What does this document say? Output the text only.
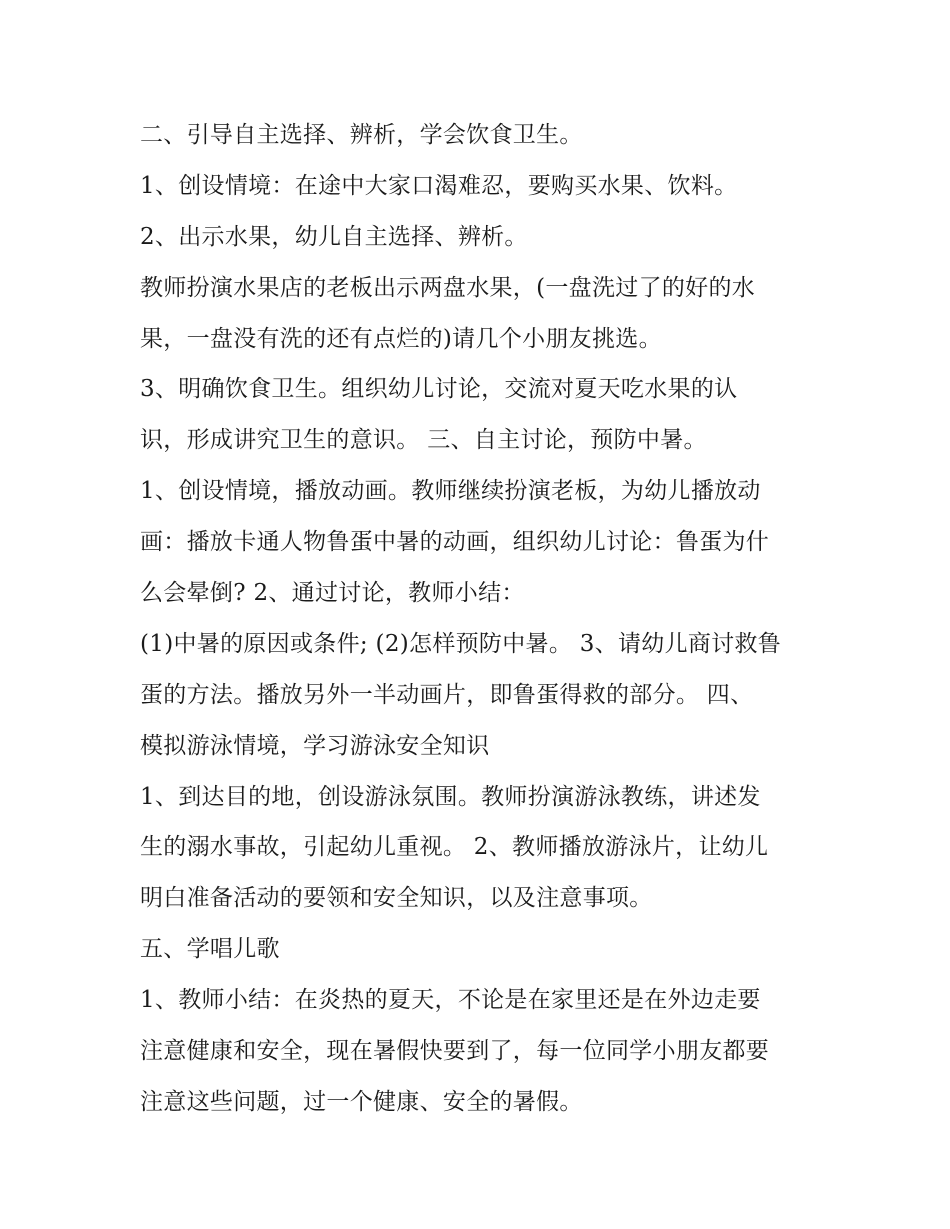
二、引导自主选择、辨析，学会饮食卫生。
1、创设情境：在途中大家口渴难忍，要购买水果、饮料。
2、出示水果，幼儿自主选择、辨析。
教师扮演水果店的老板出示两盘水果，(一盘洗过了的好的水
果，一盘没有洗的还有点烂的)请几个小朋友挑选。
3、明确饮食卫生。组织幼儿讨论，交流对夏天吃水果的认
识，形成讲究卫生的意识。 三、自主讨论，预防中暑。
1、创设情境，播放动画。教师继续扮演老板，为幼儿播放动
画：播放卡通人物鲁蛋中暑的动画，组织幼儿讨论：鲁蛋为什
么会晕倒? 2、通过讨论，教师小结：
(1)中暑的原因或条件; (2)怎样预防中暑。 3、请幼儿商讨救鲁
蛋的方法。播放另外一半动画片，即鲁蛋得救的部分。 四、
模拟游泳情境，学习游泳安全知识
1、到达目的地，创设游泳氛围。教师扮演游泳教练，讲述发
生的溺水事故，引起幼儿重视。 2、教师播放游泳片，让幼儿
明白准备活动的要领和安全知识，以及注意事项。
五、学唱儿歌
1、教师小结：在炎热的夏天，不论是在家里还是在外边走要
注意健康和安全，现在暑假快要到了，每一位同学小朋友都要
注意这些问题，过一个健康、安全的暑假。
